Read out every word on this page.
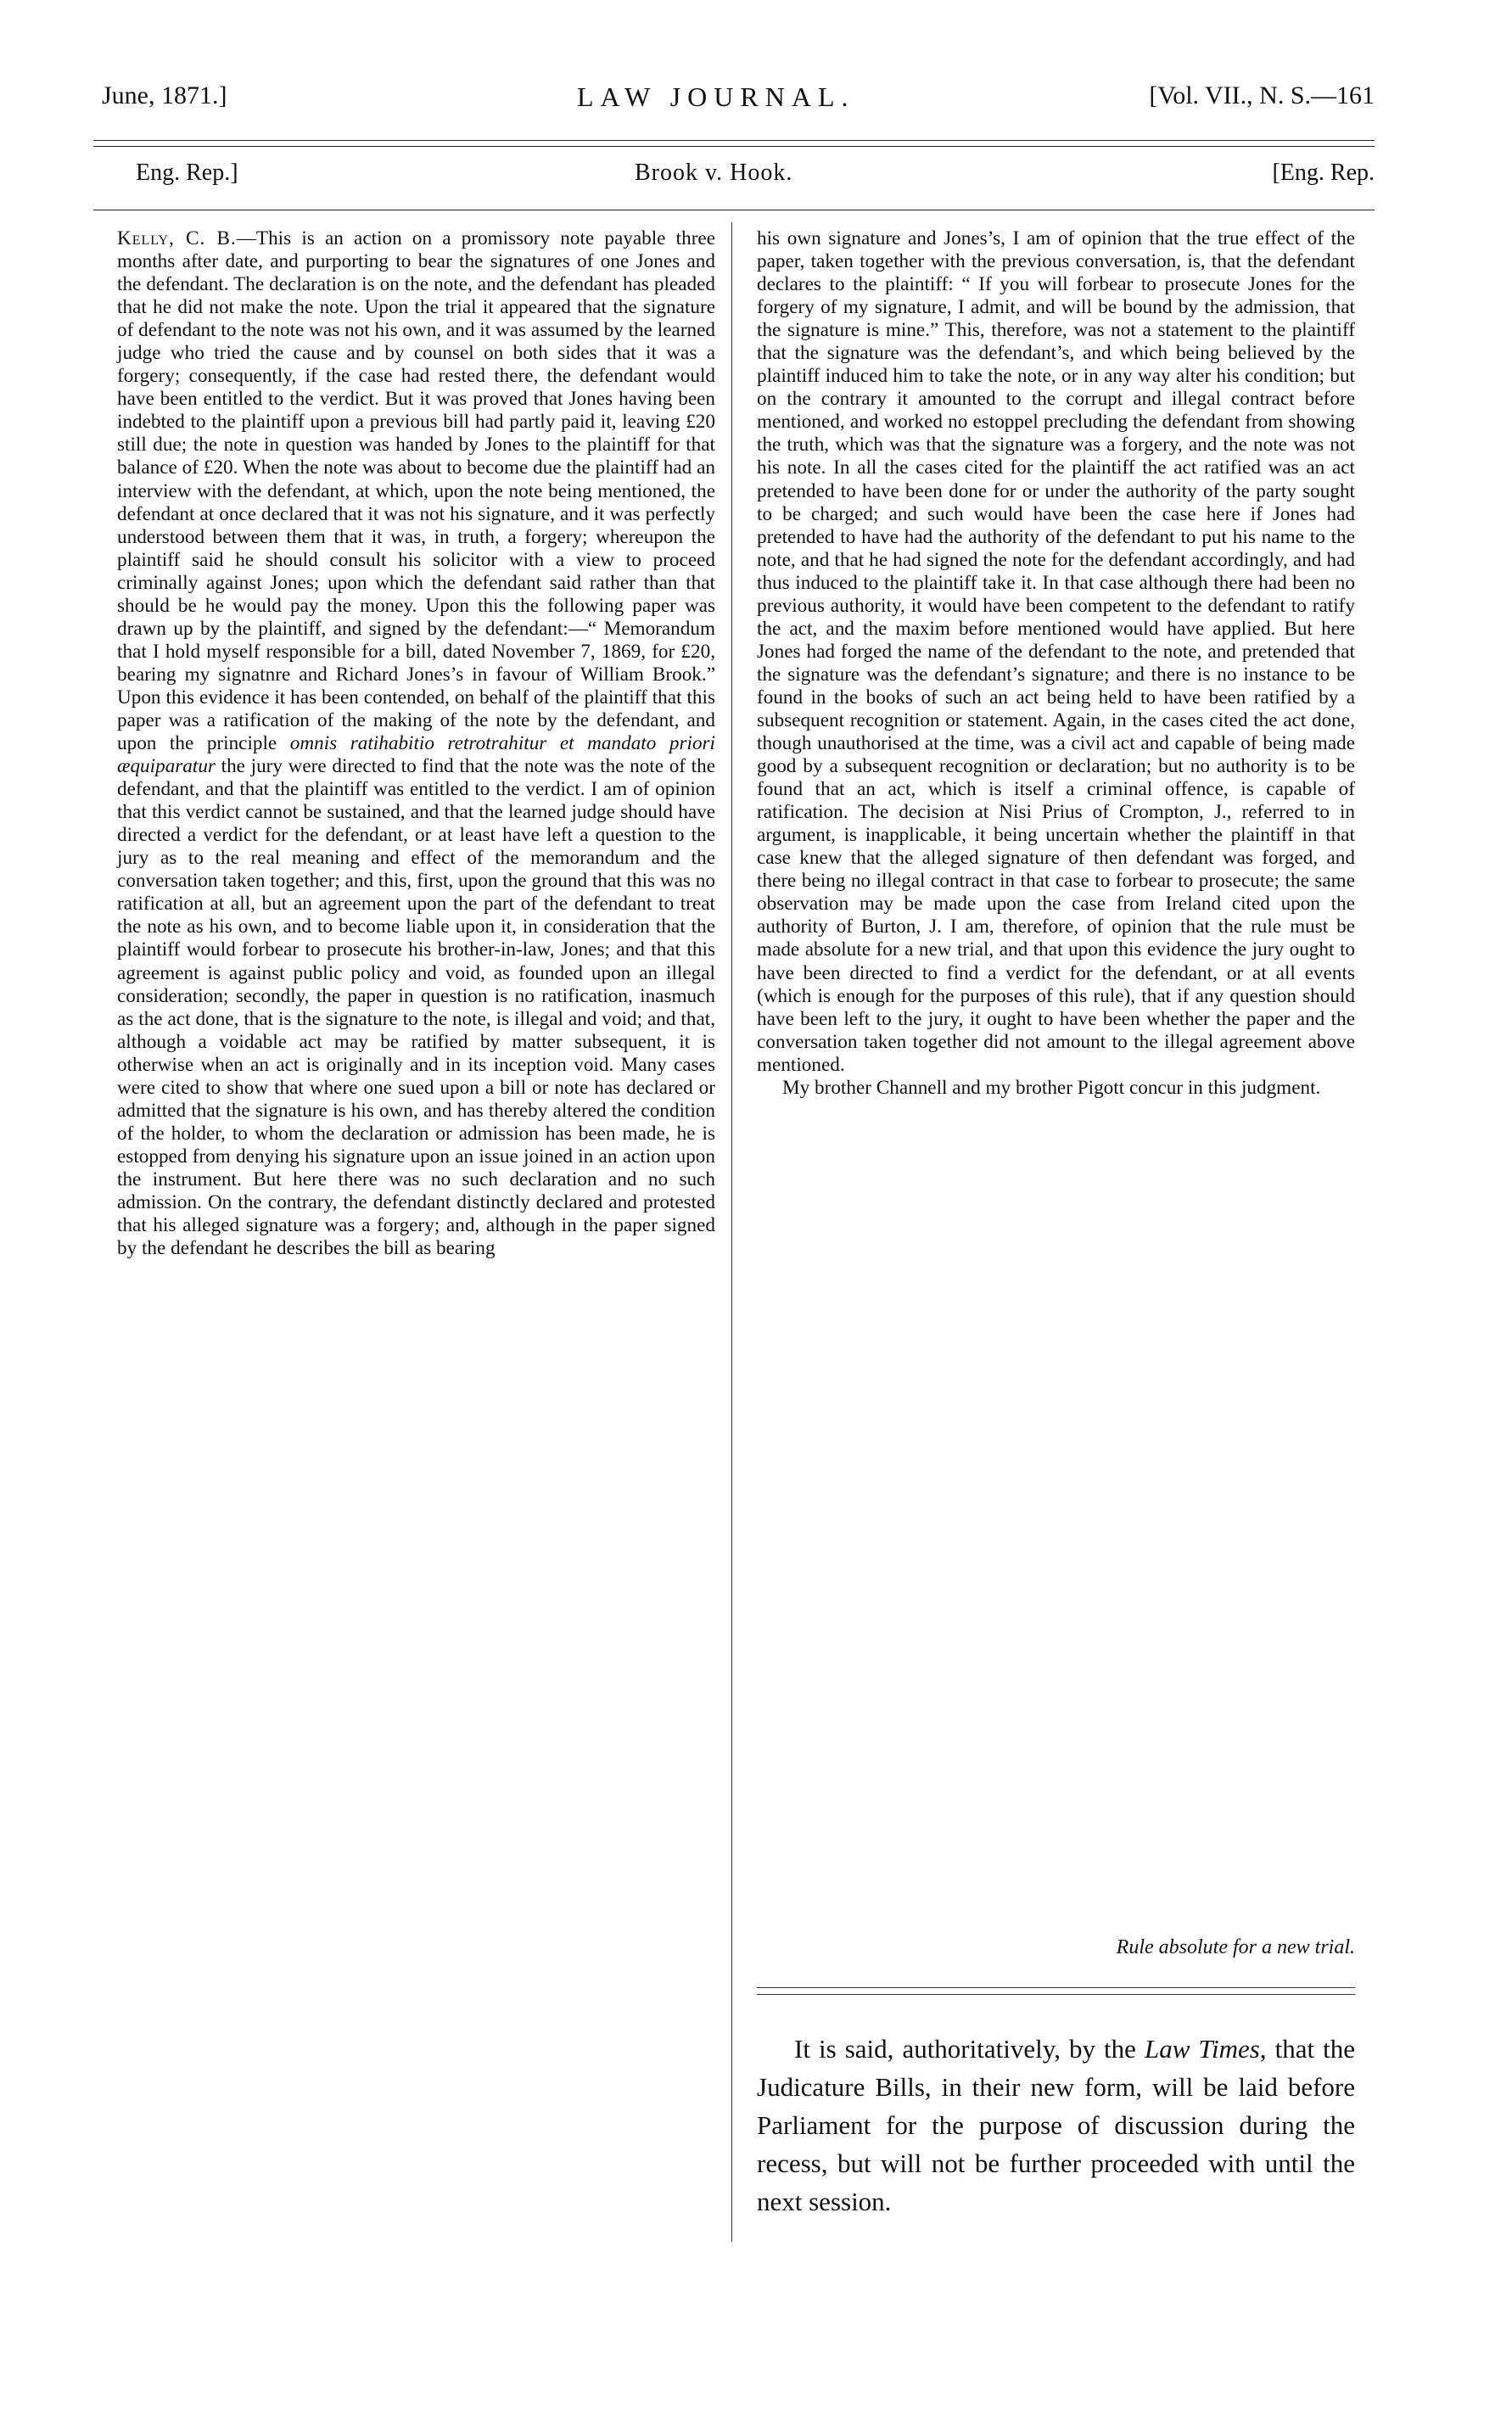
June, 1871.]	LAW JOURNAL.	[Vol. VII., N. S.—161
Eng. Rep.]	Brook v. Hook.	[Eng. Rep.

Kelly, C. B.—This is an action on a promissory note payable three months after date, and purporting to bear the signatures of one Jones and the defendant. The declaration is on the note, and the defendant has pleaded that he did not make the note. Upon the trial it appeared that the signature of defendant to the note was not his own, and it was assumed by the learned judge who tried the cause and by counsel on both sides that it was a forgery; consequently, if the case had rested there, the defendant would have been entitled to the verdict. But it was proved that Jones having been indebted to the plaintiff upon a previous bill had partly paid it, leaving £20 still due; the note in question was handed by Jones to the plaintiff for that balance of £20. When the note was about to become due the plaintiff had an interview with the defendant, at which, upon the note being mentioned, the defendant at once declared that it was not his signature, and it was perfectly understood between them that it was, in truth, a forgery; whereupon the plaintiff said he should consult his solicitor with a view to proceed criminally against Jones; upon which the defendant said rather than that should be he would pay the money. Upon this the following paper was drawn up by the plaintiff, and signed by the defendant:—“ Memorandum that I hold myself responsible for a bill, dated November 7, 1869, for £20, bearing my signatnre and Richard Jones’s in favour of William Brook.” Upon this evidence it has been contended, on behalf of the plaintiff that this paper was a ratification of the making of the note by the defendant, and upon the principle omnis ratihabitio retrotrahitur et mandato priori æquiparatur the jury were directed to find that the note was the note of the defendant, and that the plaintiff was entitled to the verdict. I am of opinion that this verdict cannot be sustained, and that the learned judge should have directed a verdict for the defendant, or at least have left a question to the jury as to the real meaning and effect of the memorandum and the conversation taken together; and this, first, upon the ground that this was no ratification at all, but an agreement upon the part of the defendant to treat the note as his own, and to become liable upon it, in consideration that the plaintiff would forbear to prosecute his brother-in-law, Jones; and that this agreement is against public policy and void, as founded upon an illegal consideration; secondly, the paper in question is no ratification, inasmuch as the act done, that is the signature to the note, is illegal and void; and that, although a voidable act may be ratified by matter subsequent, it is otherwise when an act is originally and in its inception void. Many cases were cited to show that where one sued upon a bill or note has declared or admitted that the signature is his own, and has thereby altered the condition of the holder, to whom the declaration or admission has been made, he is estopped from denying his signature upon an issue joined in an action upon the instrument. But here there was no such declaration and no such admission. On the contrary, the defendant distinctly declared and protested that his alleged signature was a forgery; and, although in the paper signed by the defendant he describes the bill as bearing

his own signature and Jones’s, I am of opinion that the true effect of the paper, taken together with the previous conversation, is, that the defendant declares to the plaintiff: “ If you will forbear to prosecute Jones for the forgery of my signature, I admit, and will be bound by the admission, that the signature is mine.” This, therefore, was not a statement to the plaintiff that the signature was the defendant’s, and which being believed by the plaintiff induced him to take the note, or in any way alter his condition; but on the contrary it amounted to the corrupt and illegal contract before mentioned, and worked no estoppel precluding the defendant from showing the truth, which was that the signature was a forgery, and the note was not his note. In all the cases cited for the plaintiff the act ratified was an act pretended to have been done for or under the authority of the party sought to be charged; and such would have been the case here if Jones had pretended to have had the authority of the defendant to put his name to the note, and that he had signed the note for the defendant accordingly, and had thus induced to the plaintiff take it. In that case although there had been no previous authority, it would have been competent to the defendant to ratify the act, and the maxim before mentioned would have applied. But here Jones had forged the name of the defendant to the note, and pretended that the signature was the defendant’s signature; and there is no instance to be found in the books of such an act being held to have been ratified by a subsequent recognition or statement. Again, in the cases cited the act done, though unauthorised at the time, was a civil act and capable of being made good by a subsequent recognition or declaration; but no authority is to be found that an act, which is itself a criminal offence, is capable of ratification. The decision at Nisi Prius of Crompton, J., referred to in argument, is inapplicable, it being uncertain whether the plaintiff in that case knew that the alleged signature of then defendant was forged, and there being no illegal contract in that case to forbear to prosecute; the same observation may be made upon the case from Ireland cited upon the authority of Burton, J. I am, therefore, of opinion that the rule must be made absolute for a new trial, and that upon this evidence the jury ought to have been directed to find a verdict for the defendant, or at all events (which is enough for the purposes of this rule), that if any question should have been left to the jury, it ought to have been whether the paper and the conversation taken together did not amount to the illegal agreement above mentioned.

My brother Channell and my brother Pigott concur in this judgment.

Rule absolute for a new trial.

It is said, authoritatively, by the Law Times, that the Judicature Bills, in their new form, will be laid before Parliament for the purpose of discussion during the recess, but will not be further proceeded with until the next session.
